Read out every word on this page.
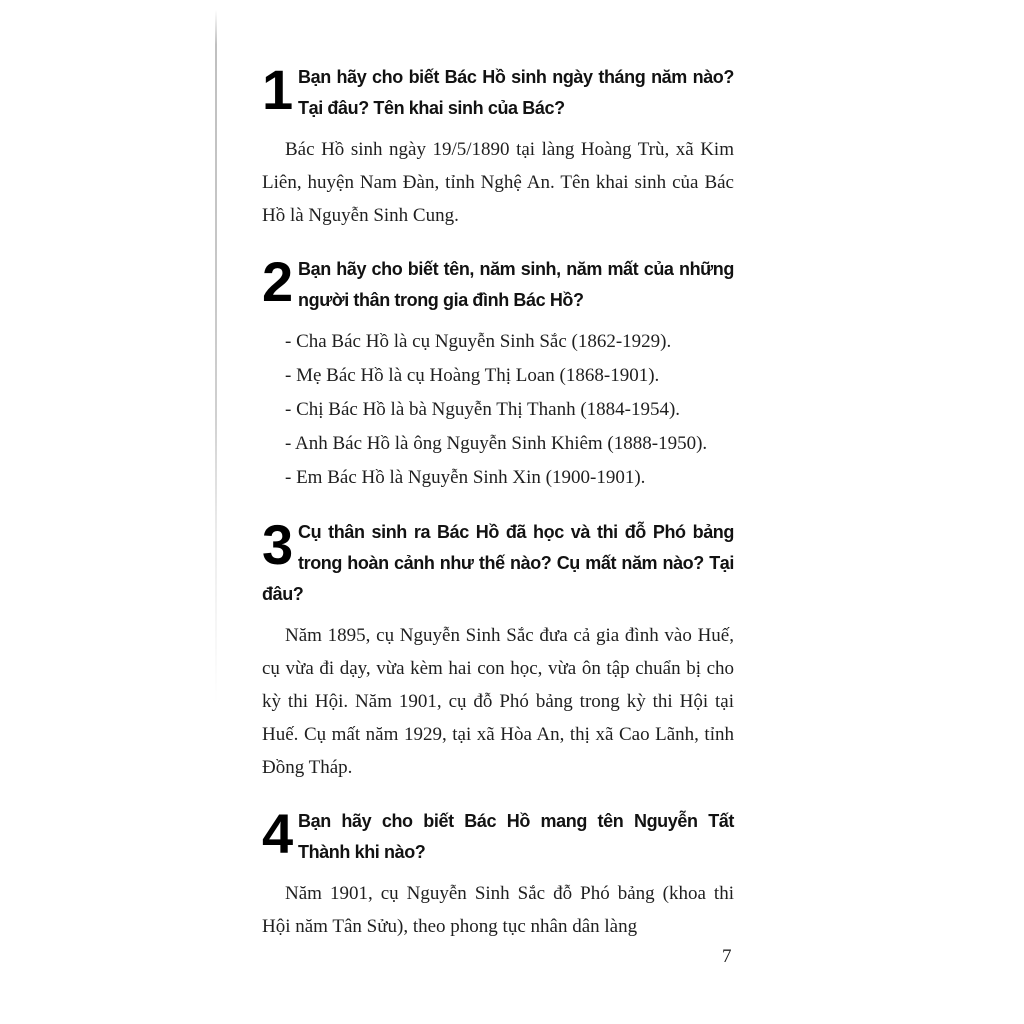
1 Bạn hãy cho biết Bác Hồ sinh ngày tháng năm nào? Tại đâu? Tên khai sinh của Bác?

Bác Hồ sinh ngày 19/5/1890 tại làng Hoàng Trù, xã Kim Liên, huyện Nam Đàn, tỉnh Nghệ An. Tên khai sinh của Bác Hồ là Nguyễn Sinh Cung.

2 Bạn hãy cho biết tên, năm sinh, năm mất của những người thân trong gia đình Bác Hồ?

- Cha Bác Hồ là cụ Nguyễn Sinh Sắc (1862-1929).

- Mẹ Bác Hồ là cụ Hoàng Thị Loan (1868-1901).

- Chị Bác Hồ là bà Nguyễn Thị Thanh (1884-1954).

- Anh Bác Hồ là ông Nguyễn Sinh Khiêm (1888-1950).

- Em Bác Hồ là Nguyễn Sinh Xin (1900-1901).

3 Cụ thân sinh ra Bác Hồ đã học và thi đỗ Phó bảng trong hoàn cảnh như thế nào? Cụ mất năm nào? Tại đâu?

Năm 1895, cụ Nguyễn Sinh Sắc đưa cả gia đình vào Huế, cụ vừa đi dạy, vừa kèm hai con học, vừa ôn tập chuẩn bị cho kỳ thi Hội. Năm 1901, cụ đỗ Phó bảng trong kỳ thi Hội tại Huế. Cụ mất năm 1929, tại xã Hòa An, thị xã Cao Lãnh, tỉnh Đồng Tháp.

4 Bạn hãy cho biết Bác Hồ mang tên Nguyễn Tất Thành khi nào?

Năm 1901, cụ Nguyễn Sinh Sắc đỗ Phó bảng (khoa thi Hội năm Tân Sửu), theo phong tục nhân dân làng

7
